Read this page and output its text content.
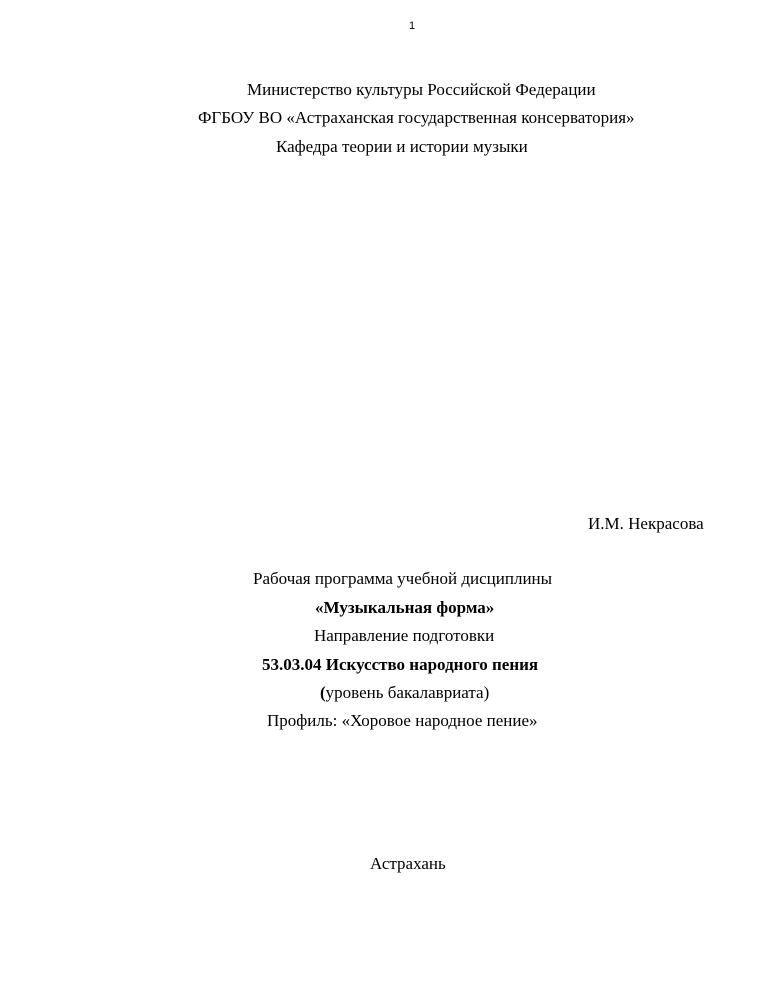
1
Министерство культуры Российской Федерации
ФГБОУ ВО «Астраханская государственная консерватория»
Кафедра теории и истории музыки
И.М. Некрасова
Рабочая программа учебной дисциплины
«Музыкальная форма»
Направление подготовки
53.03.04 Искусство народного пения
(уровень бакалавриата)
Профиль: «Хоровое народное пение»
Астрахань
